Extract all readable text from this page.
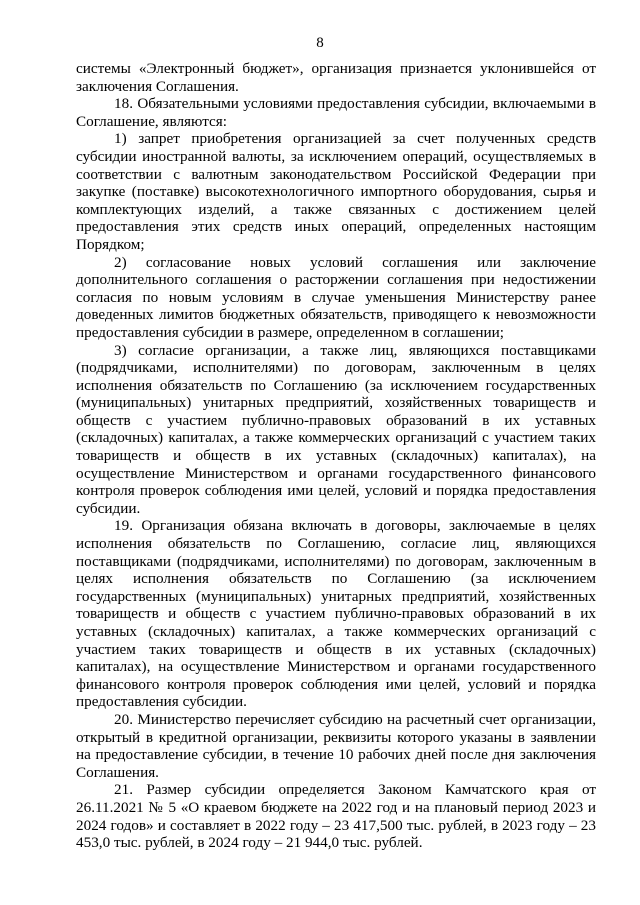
8

системы «Электронный бюджет», организация признается уклонившейся от заключения Соглашения.

18. Обязательными условиями предоставления субсидии, включаемыми в Соглашение, являются:

1) запрет приобретения организацией за счет полученных средств субсидии иностранной валюты, за исключением операций, осуществляемых в соответствии с валютным законодательством Российской Федерации при закупке (поставке) высокотехнологичного импортного оборудования, сырья и комплектующих изделий, а также связанных с достижением целей предоставления этих средств иных операций, определенных настоящим Порядком;

2) согласование новых условий соглашения или заключение дополнительного соглашения о расторжении соглашения при недостижении согласия по новым условиям в случае уменьшения Министерству ранее доведенных лимитов бюджетных обязательств, приводящего к невозможности предоставления субсидии в размере, определенном в соглашении;

3) согласие организации, а также лиц, являющихся поставщиками (подрядчиками, исполнителями) по договорам, заключенным в целях исполнения обязательств по Соглашению (за исключением государственных (муниципальных) унитарных предприятий, хозяйственных товариществ и обществ с участием публично-правовых образований в их уставных (складочных) капиталах, а также коммерческих организаций с участием таких товариществ и обществ в их уставных (складочных) капиталах), на осуществление Министерством и органами государственного финансового контроля проверок соблюдения ими целей, условий и порядка предоставления субсидии.

19. Организация обязана включать в договоры, заключаемые в целях исполнения обязательств по Соглашению, согласие лиц, являющихся поставщиками (подрядчиками, исполнителями) по договорам, заключенным в целях исполнения обязательств по Соглашению (за исключением государственных (муниципальных) унитарных предприятий, хозяйственных товариществ и обществ с участием публично-правовых образований в их уставных (складочных) капиталах, а также коммерческих организаций с участием таких товариществ и обществ в их уставных (складочных) капиталах), на осуществление Министерством и органами государственного финансового контроля проверок соблюдения ими целей, условий и порядка предоставления субсидии.

20. Министерство перечисляет субсидию на расчетный счет организации, открытый в кредитной организации, реквизиты которого указаны в заявлении на предоставление субсидии, в течение 10 рабочих дней после дня заключения Соглашения.

21. Размер субсидии определяется Законом Камчатского края от 26.11.2021 № 5 «О краевом бюджете на 2022 год и на плановый период 2023 и 2024 годов» и составляет в 2022 году – 23 417,500 тыс. рублей, в 2023 году – 23 453,0 тыс. рублей, в 2024 году – 21 944,0 тыс. рублей.
